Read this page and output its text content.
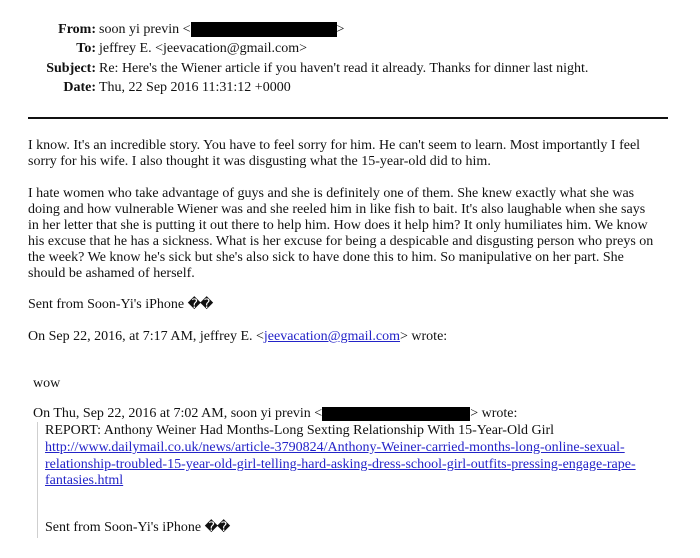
From: soon yi previn <	>
To: jeffrey E. <jeevacation@gmail.com>
Subject: Re: Here's the Wiener article if you haven't read it already. Thanks for dinner last night.
Date: Thu, 22 Sep 2016 11:31:12 +0000
I know. It's an incredible story. You have to feel sorry for him. He can't seem to learn. Most importantly I feel
sorry for his wife. I also thought it was disgusting what the 15-year-old did to him.
I hate women who take advantage of guys and she is definitely one of them. She knew exactly what she was
doing and how vulnerable Wiener was and she reeled him in like fish to bait. It's also laughable when she says
in her letter that she is putting it out there to help him. How does it help him? It only humiliates him. We know
his excuse that he has a sickness. What is her excuse for being a despicable and disgusting person who preys on
the week? We know he's sick but she's also sick to have done this to him. So manipulative on her part. She
should be ashamed of herself.
Sent from Soon-Yi's iPhone ��
On Sep 22, 2016, at 7:17 AM, jeffrey E. <jeevacation@gmail.com> wrote:
wow
On Thu, Sep 22, 2016 at 7:02 AM, soon yi previn <	> wrote:
REPORT: Anthony Weiner Had Months-Long Sexting Relationship With 15-Year-Old Girl
http://www.dailymail.co.uk/news/article-3790824/Anthony-Weiner-carried-months-long-online-sexual-
relationship-troubled-15-year-old-girl-telling-hard-asking-dress-school-girl-outfits-pressing-engage-rape-
fantasies.html
Sent from Soon-Yi's iPhone ��
